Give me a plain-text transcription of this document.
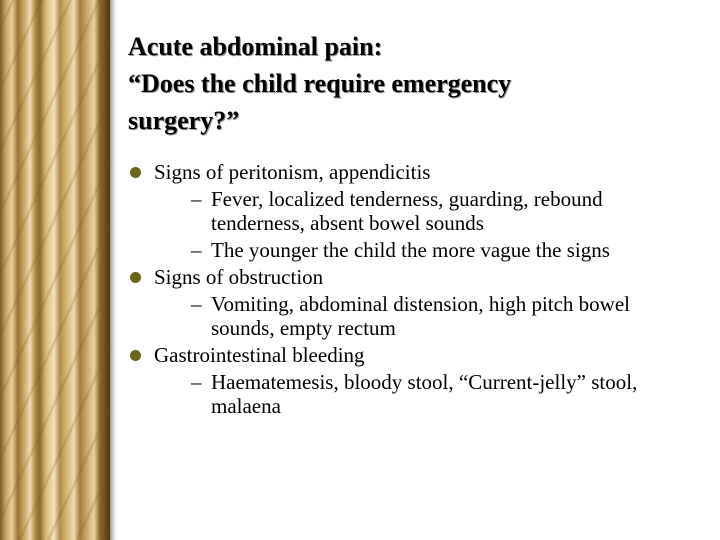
Acute abdominal pain:
“Does the child require emergency
surgery?”
Signs of peritonism, appendicitis
– Fever, localized tenderness, guarding, rebound tenderness, absent bowel sounds
– The younger the child the more vague the signs
Signs of obstruction
– Vomiting, abdominal distension, high pitch bowel sounds, empty rectum
Gastrointestinal bleeding
– Haematemesis, bloody stool, “Current-jelly” stool, malaena
